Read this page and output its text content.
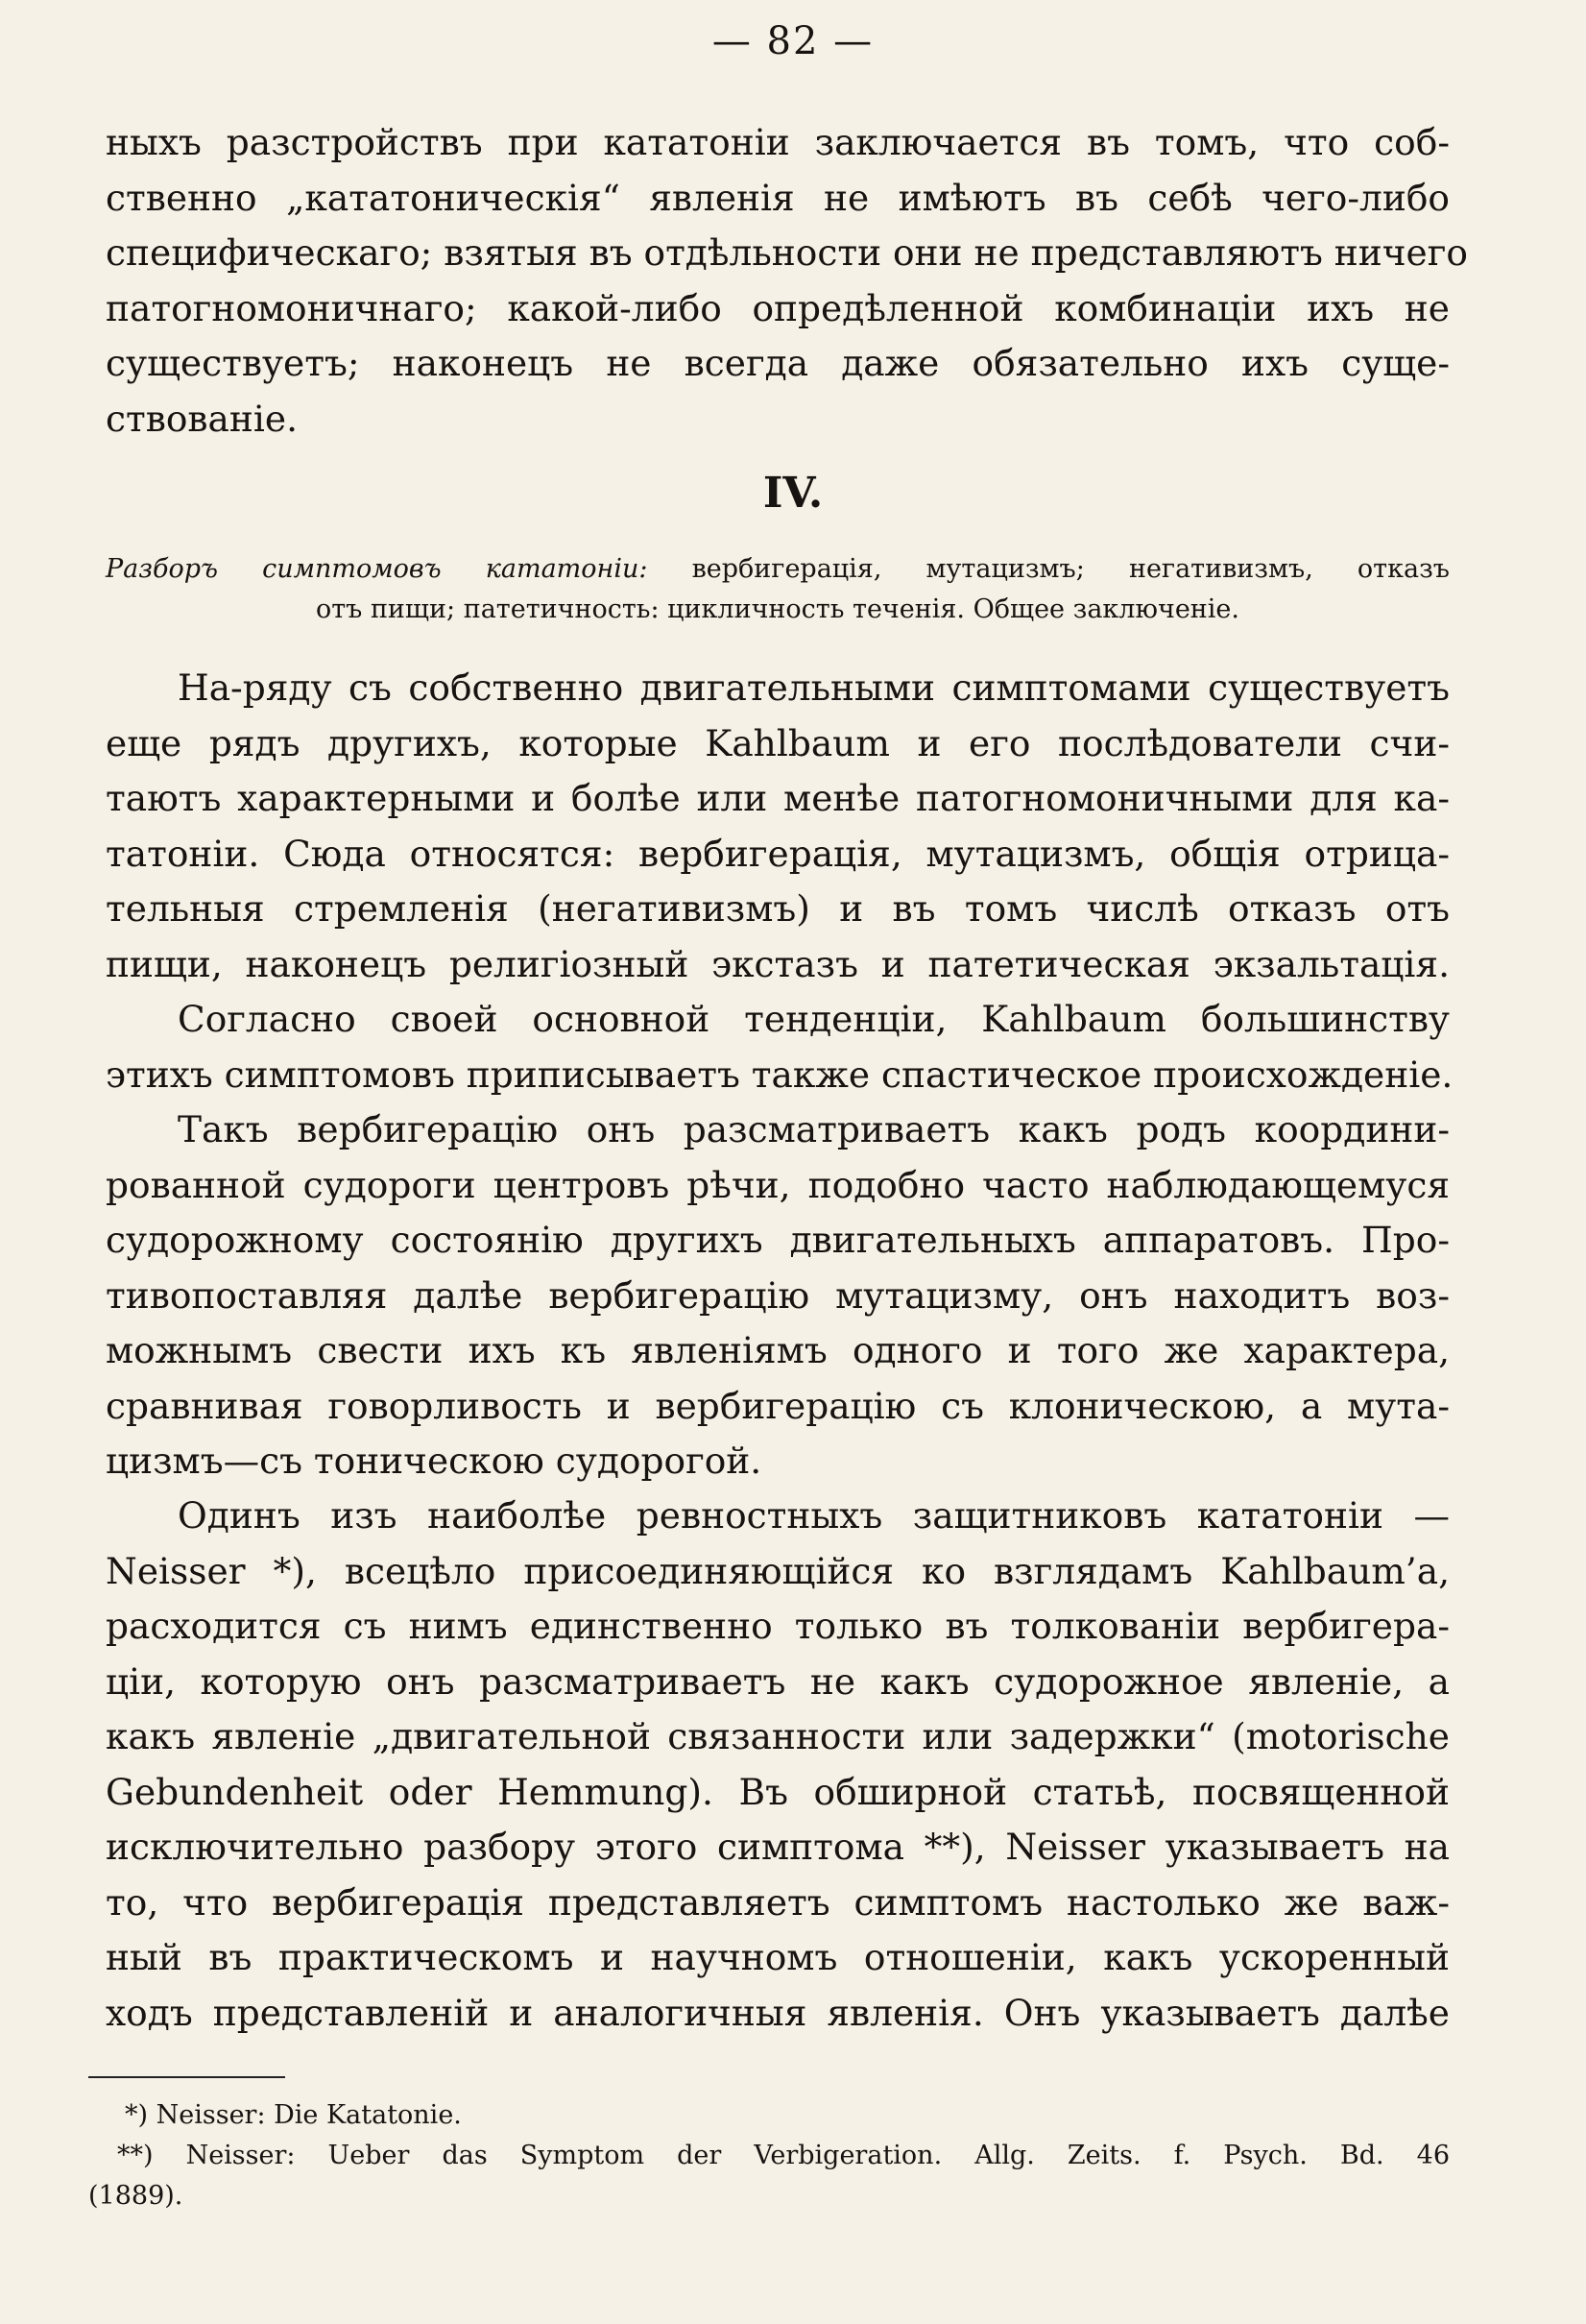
— 82 —
ныхъ разстройствъ при кататоніи заключается въ томъ, что соб-
ственно „кататоническія“ явленія не имѣютъ въ себѣ чего-либо
специфическаго; взятыя въ отдѣльности они не представляютъ ничего
патогномоничнаго; какой-либо опредѣленной комбинаціи ихъ не
существуетъ; наконецъ не всегда даже обязательно ихъ суще-
ствованіе.
IV.
Разборъ симптомовъ кататоніи: вербигерація, мутацизмъ; негативизмъ, отказъ
отъ пищи; патетичность: цикличность теченія. Общее заключеніе.
На-ряду съ собственно двигательными симптомами существуетъ
еще рядъ другихъ, которые Kahlbaum и его послѣдователи счи-
таютъ характерными и болѣе или менѣе патогномоничными для ка-
татоніи. Сюда относятся: вербигерація, мутацизмъ, общія отрица-
тельныя стремленія (негативизмъ) и въ томъ числѣ отказъ отъ
пищи, наконецъ религіозный экстазъ и патетическая экзальтація.
Согласно своей основной тенденціи, Kahlbaum большинству
этихъ симптомовъ приписываетъ также спастическое происхожденіе.
Такъ вербигерацію онъ разсматриваетъ какъ родъ координи-
рованной судороги центровъ рѣчи, подобно часто наблюдающемуся
судорожному состоянію другихъ двигательныхъ аппаратовъ. Про-
тивопоставляя далѣе вербигерацію мутацизму, онъ находитъ воз-
можнымъ свести ихъ къ явленіямъ одного и того же характера,
сравнивая говорливость и вербигерацію съ клоническою, а мута-
цизмъ—съ тоническою судорогой.
Одинъ изъ наиболѣе ревностныхъ защитниковъ кататоніи —
Neisser *), всецѣло присоединяющійся ко взглядамъ Kahlbaum’а,
расходится съ нимъ единственно только въ толкованіи вербигера-
ціи, которую онъ разсматриваетъ не какъ судорожное явленіе, а
какъ явленіе „двигательной связанности или задержки“ (motorische
Gebundenheit oder Hemmung). Въ обширной статьѣ, посвященной
исключительно разбору этого симптома **), Neisser указываетъ на
то, что вербигерація представляетъ симптомъ настолько же важ-
ный въ практическомъ и научномъ отношеніи, какъ ускоренный
ходъ представленій и аналогичныя явленія. Онъ указываетъ далѣе
*) Neisser: Die Katatonie.
**) Neisser: Ueber das Symptom der Verbigeration. Allg. Zeits. f. Psych. Bd. 46
(1889).
